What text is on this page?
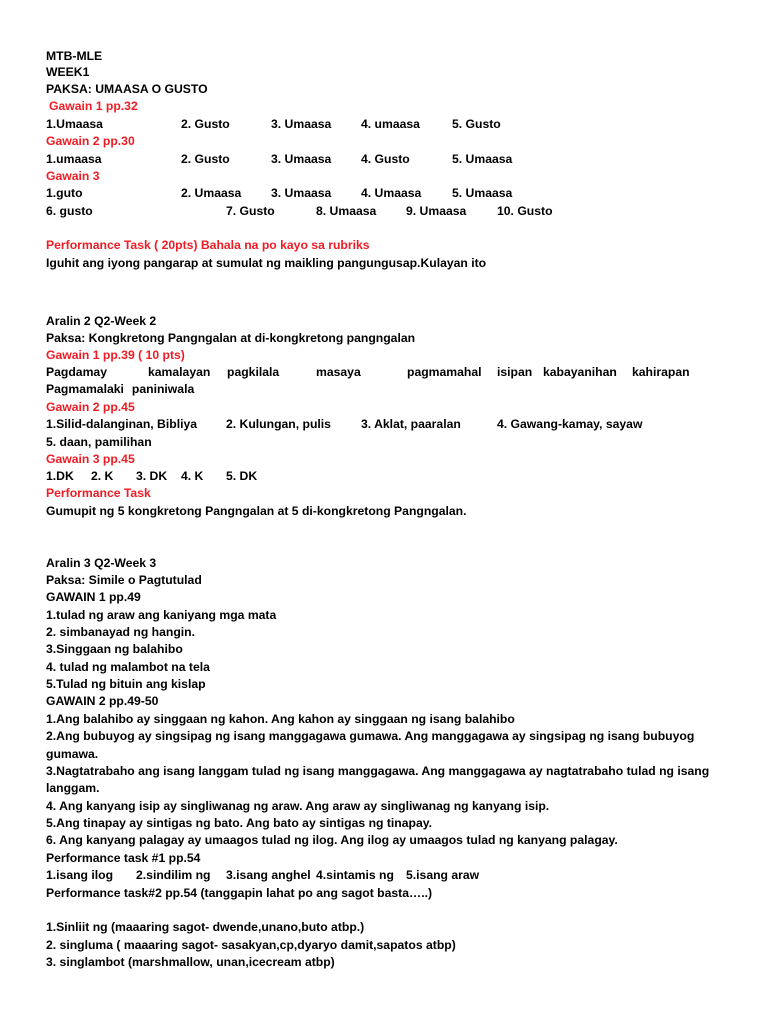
MTB-MLE
WEEK1
PAKSA: UMAASA O GUSTO
Gawain 1 pp.32
1.Umaasa	2. Gusto	3. Umaasa 4. umaasa	5. Gusto
Gawain 2 pp.30
1.umaasa	2. Gusto	3. Umaasa 4. Gusto	5. Umaasa
Gawain 3
1.guto	2. Umaasa 3. Umaasa 4. Umaasa	5. Umaasa
6. gusto	7. Gusto	8. Umaasa 9. Umaasa	10. Gusto
Performance Task ( 20pts) Bahala na po kayo sa rubriks
Iguhit ang iyong pangarap at sumulat ng maikling pangungusap.Kulayan ito
Aralin 2 Q2-Week 2
Paksa: Kongkretong Pangngalan at di-kongkretong pangngalan
Gawain 1 pp.39 ( 10 pts)
Pagdamay	kamalayan pagkilala	masaya	pagmamahal isipan kabayanihan kahirapan
Pagmamalaki paniniwala
Gawain 2 pp.45
1.Silid-dalanginan, Bibliya 2. Kulungan, pulis 3. Aklat, paaralan	4. Gawang-kamay, sayaw
5. daan, pamilihan
Gawain 3 pp.45
1.DK 2. K 3. DK 4. K 5. DK
Performance Task
Gumupit ng 5 kongkretong Pangngalan at 5 di-kongkretong Pangngalan.
Aralin 3 Q2-Week 3
Paksa: Simile o Pagtutulad
GAWAIN 1 pp.49
1.tulad ng araw ang kaniyang mga mata
2. simbanayad ng hangin.
3.Singgaan ng balahibo
4. tulad ng malambot na tela
5.Tulad ng bituin ang kislap
GAWAIN 2 pp.49-50
1.Ang balahibo ay singgaan ng kahon. Ang kahon ay singgaan ng isang balahibo
2.Ang bubuyog ay singsipag ng isang manggagawa gumawa. Ang manggagawa ay singsipag ng isang bubuyog
gumawa.
3.Nagtatrabaho ang isang langgam tulad ng isang manggagawa. Ang manggagawa ay nagtatrabaho tulad ng isang
langgam.
4. Ang kanyang isip ay singliwanag ng araw. Ang araw ay singliwanag ng kanyang isip.
5.Ang tinapay ay sintigas ng bato. Ang bato ay sintigas ng tinapay.
6. Ang kanyang palagay ay umaagos tulad ng ilog. Ang ilog ay umaagos tulad ng kanyang palagay.
Performance task #1 pp.54
1.isang ilog 2.sindilim ng 3.isang anghel 4.sintamis ng 5.isang araw
Performance task#2 pp.54 (tanggapin lahat po ang sagot basta…..)
1.Sinliit ng (maaaring sagot- dwende,unano,buto atbp.)
2. singluma ( maaaring sagot- sasakyan,cp,dyaryo damit,sapatos atbp)
3. singlambot (marshmallow, unan,icecream atbp)
